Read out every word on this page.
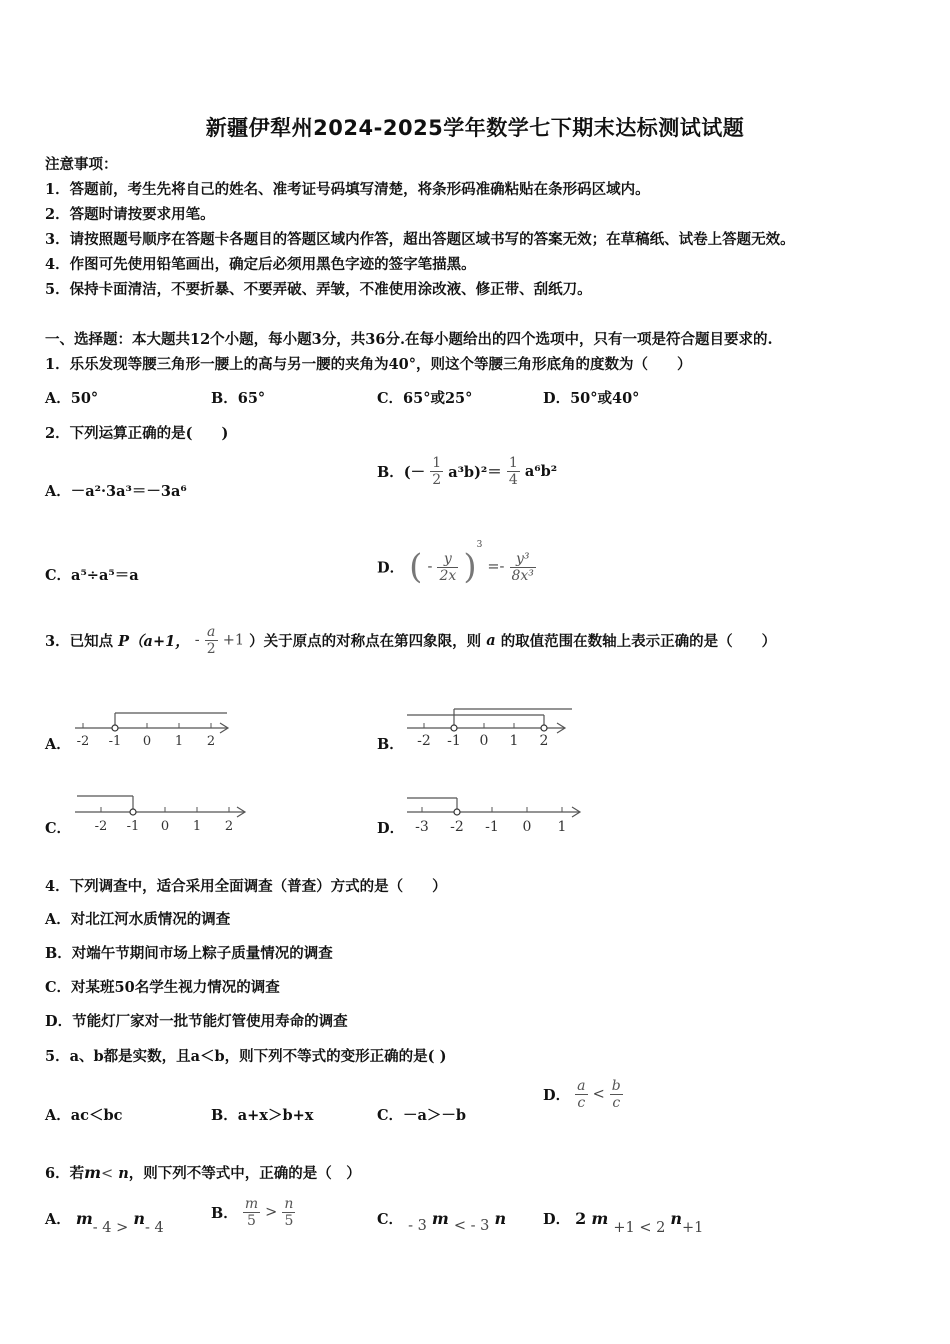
新疆伊犁州2024-2025学年数学七下期末达标测试试题
注意事项：
1．答题前，考生先将自己的姓名、准考证号码填写清楚，将条形码准确粘贴在条形码区域内。
2．答题时请按要求用笔。
3．请按照题号顺序在答题卡各题目的答题区域内作答，超出答题区域书写的答案无效；在草稿纸、试卷上答题无效。
4．作图可先使用铅笔画出，确定后必须用黑色字迹的签字笔描黑。
5．保持卡面清洁，不要折暴、不要弄破、弄皱，不准使用涂改液、修正带、刮纸刀。
一、选择题：本大题共12个小题，每小题3分，共36分.在每小题给出的四个选项中，只有一项是符合题目要求的.
1．乐乐发现等腰三角形一腰上的高与另一腰的夹角为40°，则这个等腰三角形底角的度数为（　　）
A．50°	B．65°	C．65°或25°	D．50°或40°
2．下列运算正确的是(　　)
A．－a²·3a³＝－3a⁶
B．(－ $\frac{1}{2} a^3b)^2= \frac{1}{4} a^6b^2$
C．a⁵÷a⁵＝a	D． ( - $\frac{y}{2x} )^3 =- \frac{\text{y³}}{\text{8x³}}$
3．已知点 P（a+1， - $\frac{a}{2} +1$ ）关于原点的对称点在第四象限，则 a 的取值范围在数轴上表示正确的是（　　）
A． -2 -1 0 1 2	B． -2 -1 0 1 2
C． -2 -1 0 1 2	D． -3 -2 -1 0 1
4．下列调查中，适合采用全面调查（普查）方式的是（　　）
A．对北江河水质情况的调查
B．对端午节期间市场上粽子质量情况的调查
C．对某班50名学生视力情况的调查
D．节能灯厂家对一批节能灯管使用寿命的调查
5．a、b都是实数，且a＜b，则下列不等式的变形正确的是( )
A．ac＜bc	B．a+x＞b+x	C．－a＞－b
D． $\frac{a}{c} < \frac{b}{c}$
6．若m< n，则下列不等式中，正确的是（　）
A． m- 4 > n- 4
B． $\frac{m}{5} > \frac{n}{5}$	C． - 3 m < - 3 n	D． 2 m +1 < 2 n+1
